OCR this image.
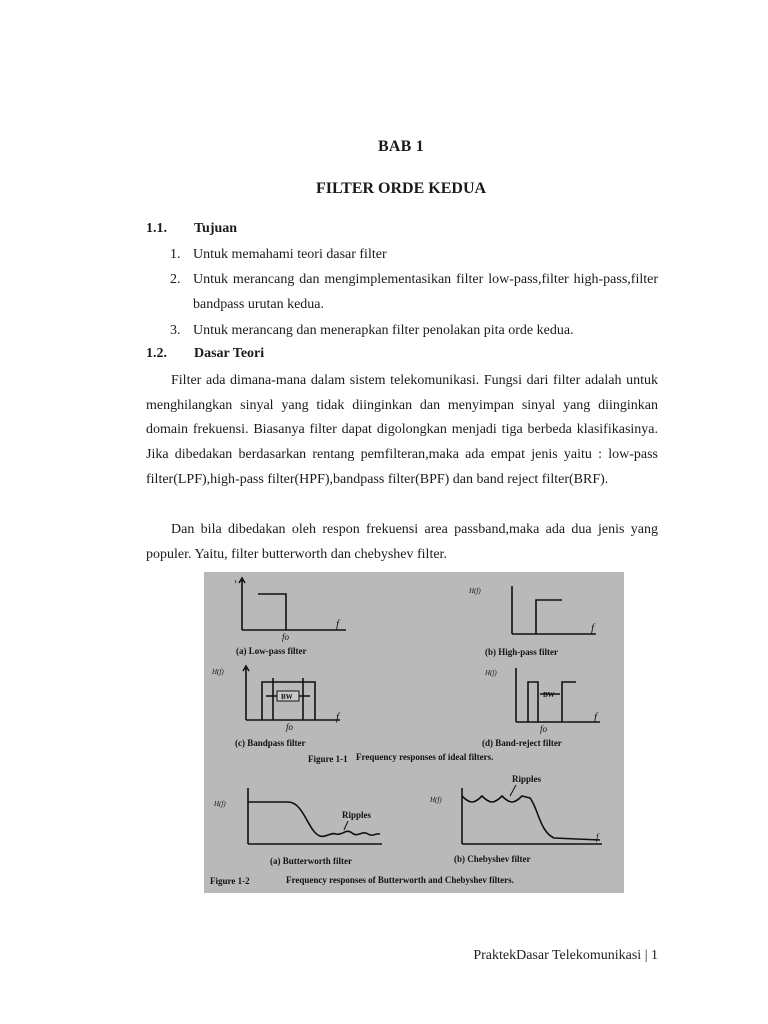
BAB 1
FILTER ORDE KEDUA
1.1. Tujuan
1. Untuk memahami teori dasar filter
2. Untuk merancang dan mengimplementasikan filter low-pass,filter high-pass,filter bandpass urutan kedua.
3. Untuk merancang dan menerapkan filter penolakan pita orde kedua.
1.2. Dasar Teori

Filter ada dimana-mana dalam sistem telekomunikasi. Fungsi dari filter adalah untuk menghilangkan sinyal yang tidak diinginkan dan menyimpan sinyal yang diinginkan domain frekuensi. Biasanya filter dapat digolongkan menjadi tiga berbeda klasifikasinya. Jika dibedakan berdasarkan rentang pemfilteran,maka ada empat jenis yaitu : low-pass filter(LPF),high-pass filter(HPF),bandpass filter(BPF) dan band reject filter(BRF).

Dan bila dibedakan oleh respon frekuensi area passband,maka ada dua jenis yang populer. Yaitu, filter butterworth dan chebyshev filter.

›
fo
f
(a) Low-pass filter
H(f)
f
(b) High-pass filter
BW
H(f)
fo
f
(c) Bandpass filter
BW
H(f)
fo
f
(d) Band-reject filter
Figure 1-1 Frequency responses of ideal filters.
H(f)
Ripples
(a) Butterworth filter
H(f)
Ripples
f
(b) Chebyshev filter
Figure 1-2	Frequency responses of Butterworth and Chebyshev filters.
PraktekDasar Telekomunikasi | 1
